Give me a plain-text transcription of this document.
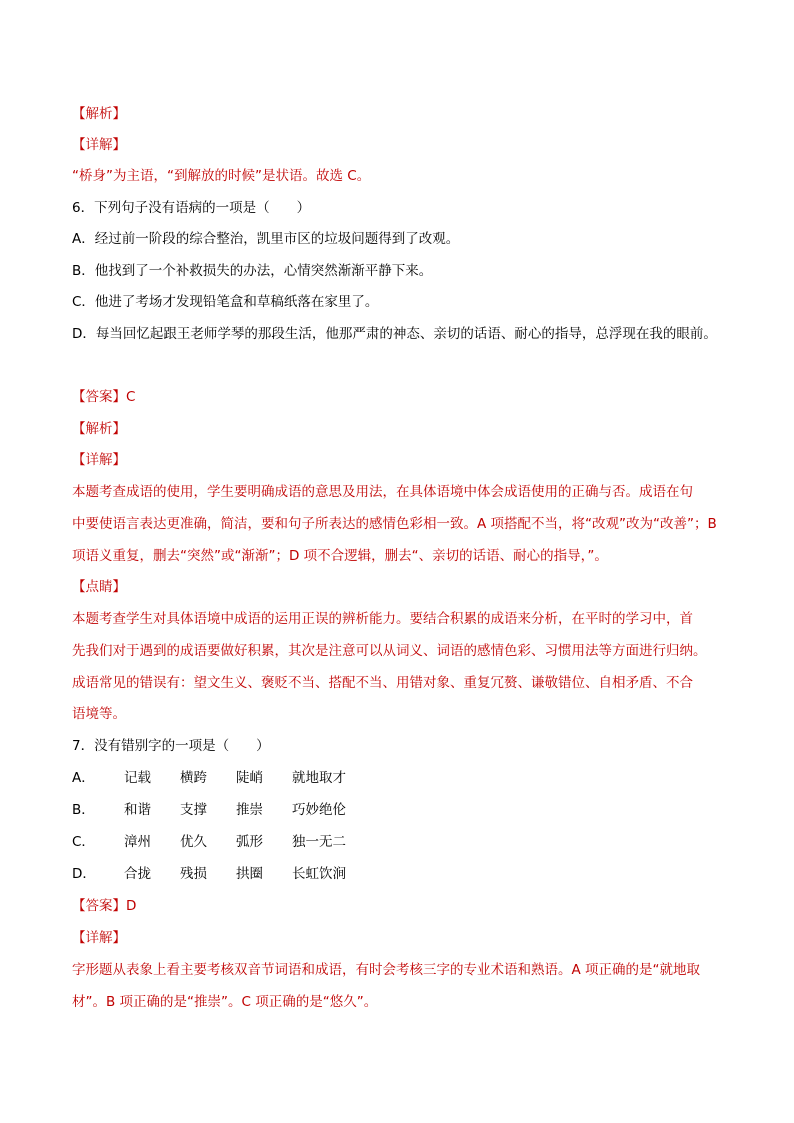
【解析】
【详解】
“桥身”为主语，“到解放的时候”是状语。故选 C。
6．下列句子没有语病的一项是（　　）
A．经过前一阶段的综合整治，凯里市区的垃圾问题得到了改观。
B．他找到了一个补救损失的办法，心情突然渐渐平静下来。
C．他进了考场才发现铅笔盒和草稿纸落在家里了。
D．每当回忆起跟王老师学琴的那段生活，他那严肃的神态、亲切的话语、耐心的指导，总浮现在我的眼前。
【答案】C
【解析】
【详解】
本题考查成语的使用，学生要明确成语的意思及用法，在具体语境中体会成语使用的正确与否。成语在句
中要使语言表达更准确，简洁，要和句子所表达的感情色彩相一致。A 项搭配不当，将“改观”改为“改善”；B
项语义重复，删去“突然”或“渐渐”；D 项不合逻辑，删去“、亲切的话语、耐心的指导，”。
【点睛】
本题考查学生对具体语境中成语的运用正误的辨析能力。要结合积累的成语来分析，在平时的学习中，首
先我们对于遇到的成语要做好积累，其次是注意可以从词义、词语的感情色彩、习惯用法等方面进行归纳。
成语常见的错误有：望文生义、褒贬不当、搭配不当、用错对象、重复冗赘、谦敬错位、自相矛盾、不合
语境等。
7．没有错别字的一项是（　　）
A． 记载 横跨 陡峭 就地取才
B． 和谐 支撑 推崇 巧妙绝伦
C． 漳州 优久 弧形 独一无二
D． 合拢 残损 拱圈 长虹饮涧
【答案】D
【详解】
字形题从表象上看主要考核双音节词语和成语，有时会考核三字的专业术语和熟语。A 项正确的是“就地取
材”。B 项正确的是“推崇”。C 项正确的是“悠久”。
